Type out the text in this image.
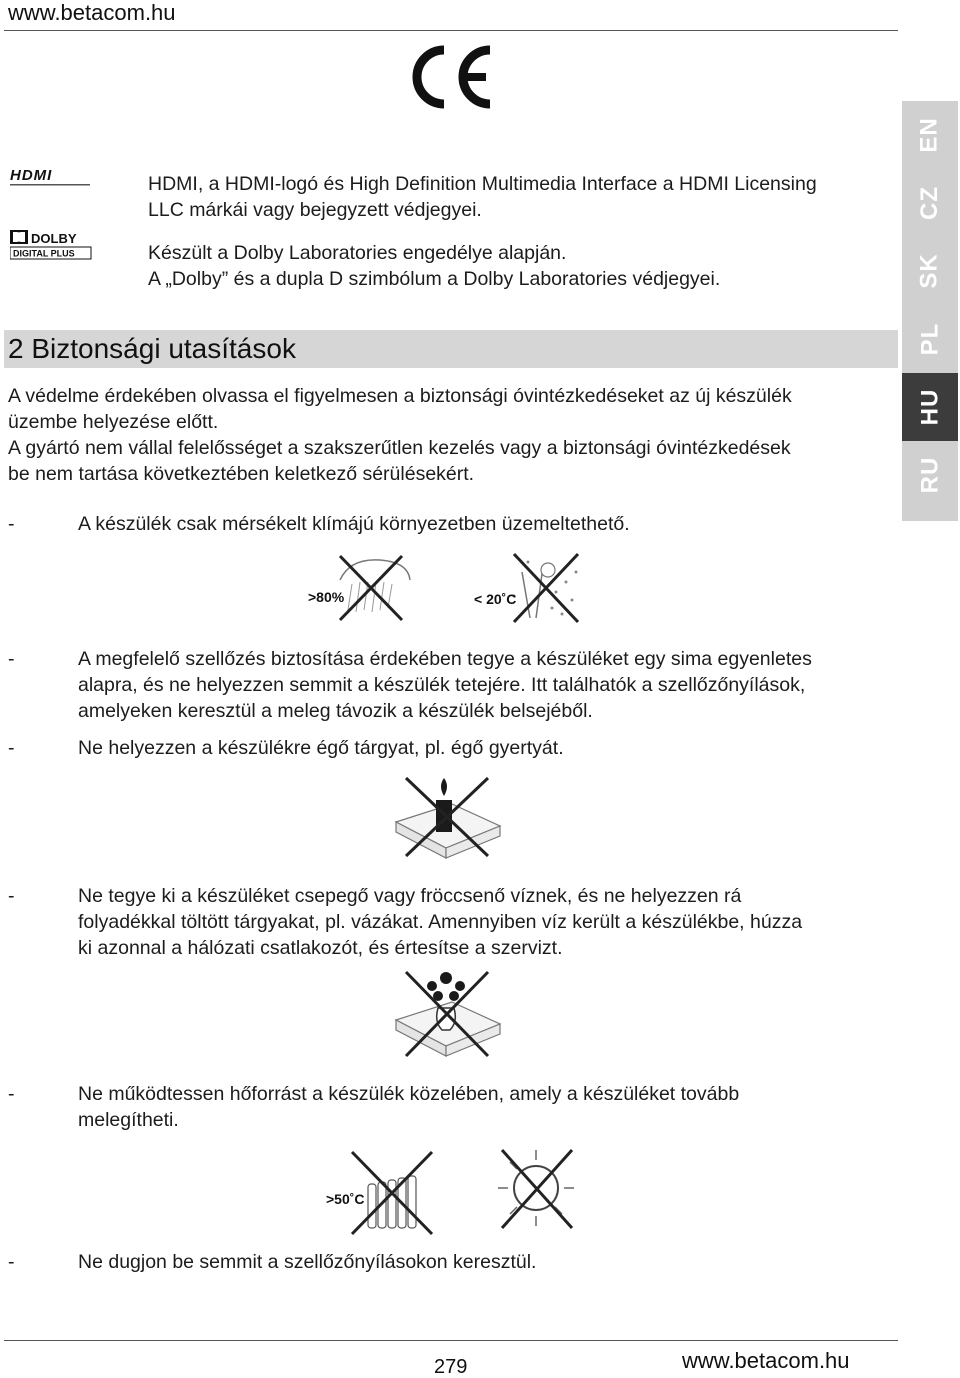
www.betacom.hu
HDMI
DOLBY
DIGITAL PLUS
HDMI, a HDMI-logó és High Definition Multimedia Interface a HDMI Licensing
LLC márkái vagy bejegyzett védjegyei.
Készült a Dolby Laboratories engedélye alapján.
A „Dolby” és a dupla D szimbólum a Dolby Laboratories védjegyei.
2 Biztonsági utasítások
A védelme érdekében olvassa el figyelmesen a biztonsági óvintézkedéseket az új készülék
üzembe helyezése előtt.
A gyártó nem vállal felelősséget a szakszerűtlen kezelés vagy a biztonsági óvintézkedések
be nem tartása következtében keletkező sérülésekért.
-	A készülék csak mérsékelt klímájú környezetben üzemeltethető.
>80%	< 20˚C
-	A megfelelő szellőzés biztosítása érdekében tegye a készüléket egy sima egyenletes
alapra, és ne helyezzen semmit a készülék tetejére. Itt találhatók a szellőzőnyílások,
amelyeken keresztül a meleg távozik a készülék belsejéből.
-	Ne helyezzen a készülékre égő tárgyat, pl. égő gyertyát.
-	Ne tegye ki a készüléket csepegő vagy fröccsenő víznek, és ne helyezzen rá
folyadékkal töltött tárgyakat, pl. vázákat. Amennyiben víz került a készülékbe, húzza
ki azonnal a hálózati csatlakozót, és értesítse a szervizt.
-	Ne működtessen hőforrást a készülék közelében, amely a készüléket tovább
melegítheti.
>50˚C
-	Ne dugjon be semmit a szellőzőnyílásokon keresztül.
EN
CZ
SK
PL
HU
RU
279	www.betacom.hu
